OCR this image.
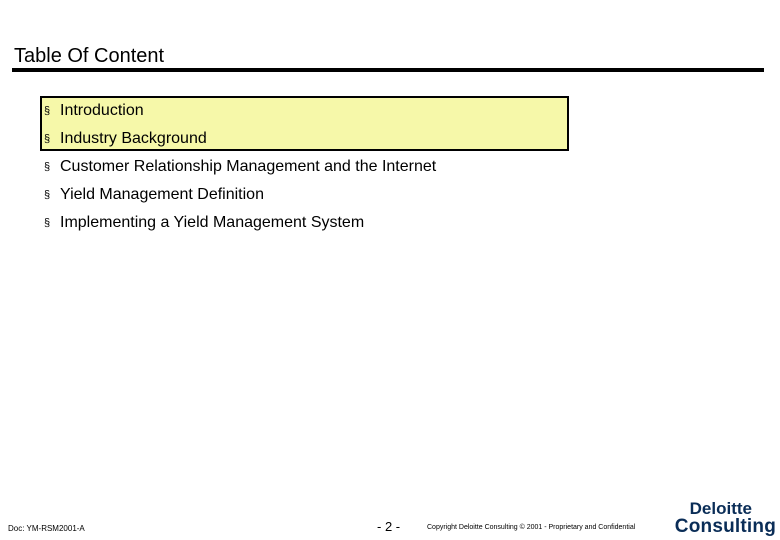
Table Of Content
§ Introduction
§ Industry Background
§ Customer Relationship Management and the Internet
§ Yield Management Definition
§ Implementing a Yield Management System
Doc: YM-RSM2001-A	- 2 -	Copyright Deloitte Consulting © 2001 - Proprietary and Confidential
Deloitte
Consulting
